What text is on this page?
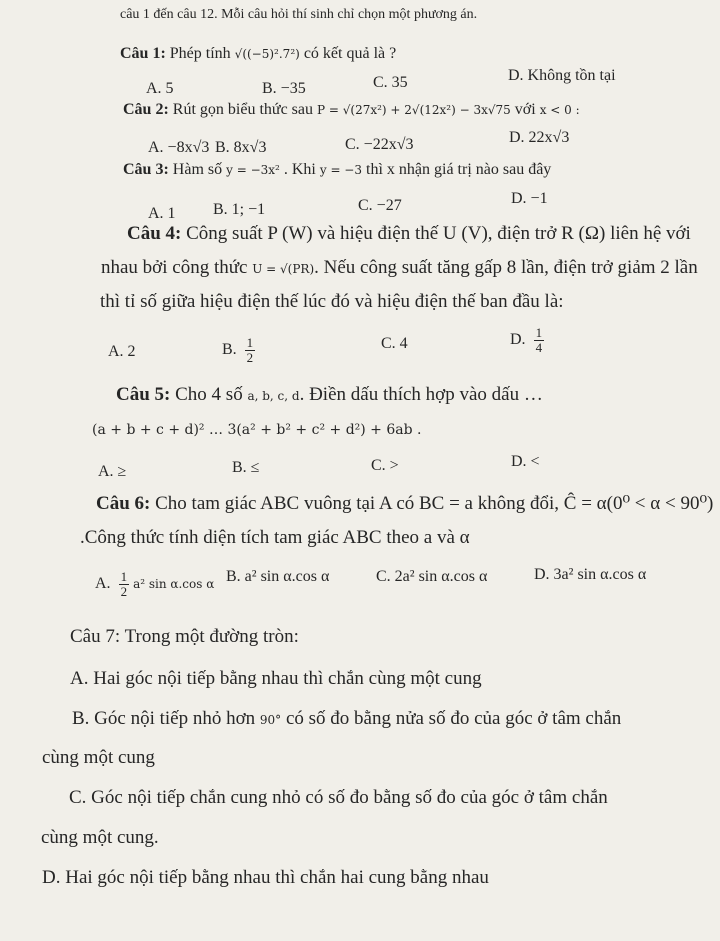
câu 1 đến câu 12. Mỗi câu hỏi thí sinh chỉ chọn một phương án.
Câu 1: Phép tính √((−5)².7²) có kết quả là ?
A. 5	B. −35	C. 35	D. Không tồn tại
Câu 2: Rút gọn biểu thức sau P = √(27x²) + 2√(12x²) − 3x√75 với x < 0 :
A. −8x√3 B. 8x√3	C. −22x√3	D. 22x√3
Câu 3: Hàm số y = −3x² . Khi y = −3 thì x nhận giá trị nào sau đây
A. 1 B. 1; −1	C. −27	D. −1
Câu 4: Công suất P (W) và hiệu điện thế U (V), điện trở R (Ω) liên hệ với
nhau bởi công thức U = √(PR). Nếu công suất tăng gấp 8 lần, điện trở giảm 2 lần
thì tỉ số giữa hiệu điện thế lúc đó và hiệu điện thế ban đầu là:
A. 2	B. $\frac{1}{2}$	C. 4	D. $\frac{1}{4}$
Câu 5: Cho 4 số a, b, c, d. Điền dấu thích hợp vào dấu …
(a + b + c + d)² … 3(a² + b² + c² + d²) + 6ab .
A. ≥	B. ≤	C. >	D. <
Câu 6: Cho tam giác ABC vuông tại A có BC = a không đổi, Ĉ = α(0⁰ < α < 90⁰)
.Công thức tính diện tích tam giác ABC theo a và α
A. $\frac{1}{2} a^2$ sin α.cos α B. a² sin α.cos α	C. 2a² sin α.cos α	D. 3a² sin α.cos α
Câu 7: Trong một đường tròn:
A. Hai góc nội tiếp bằng nhau thì chắn cùng một cung
B. Góc nội tiếp nhỏ hơn 90° có số đo bằng nửa số đo của góc ở tâm chắn
cùng một cung
C. Góc nội tiếp chắn cung nhỏ có số đo bằng số đo của góc ở tâm chắn
cùng một cung.
D. Hai góc nội tiếp bằng nhau thì chắn hai cung bằng nhau
